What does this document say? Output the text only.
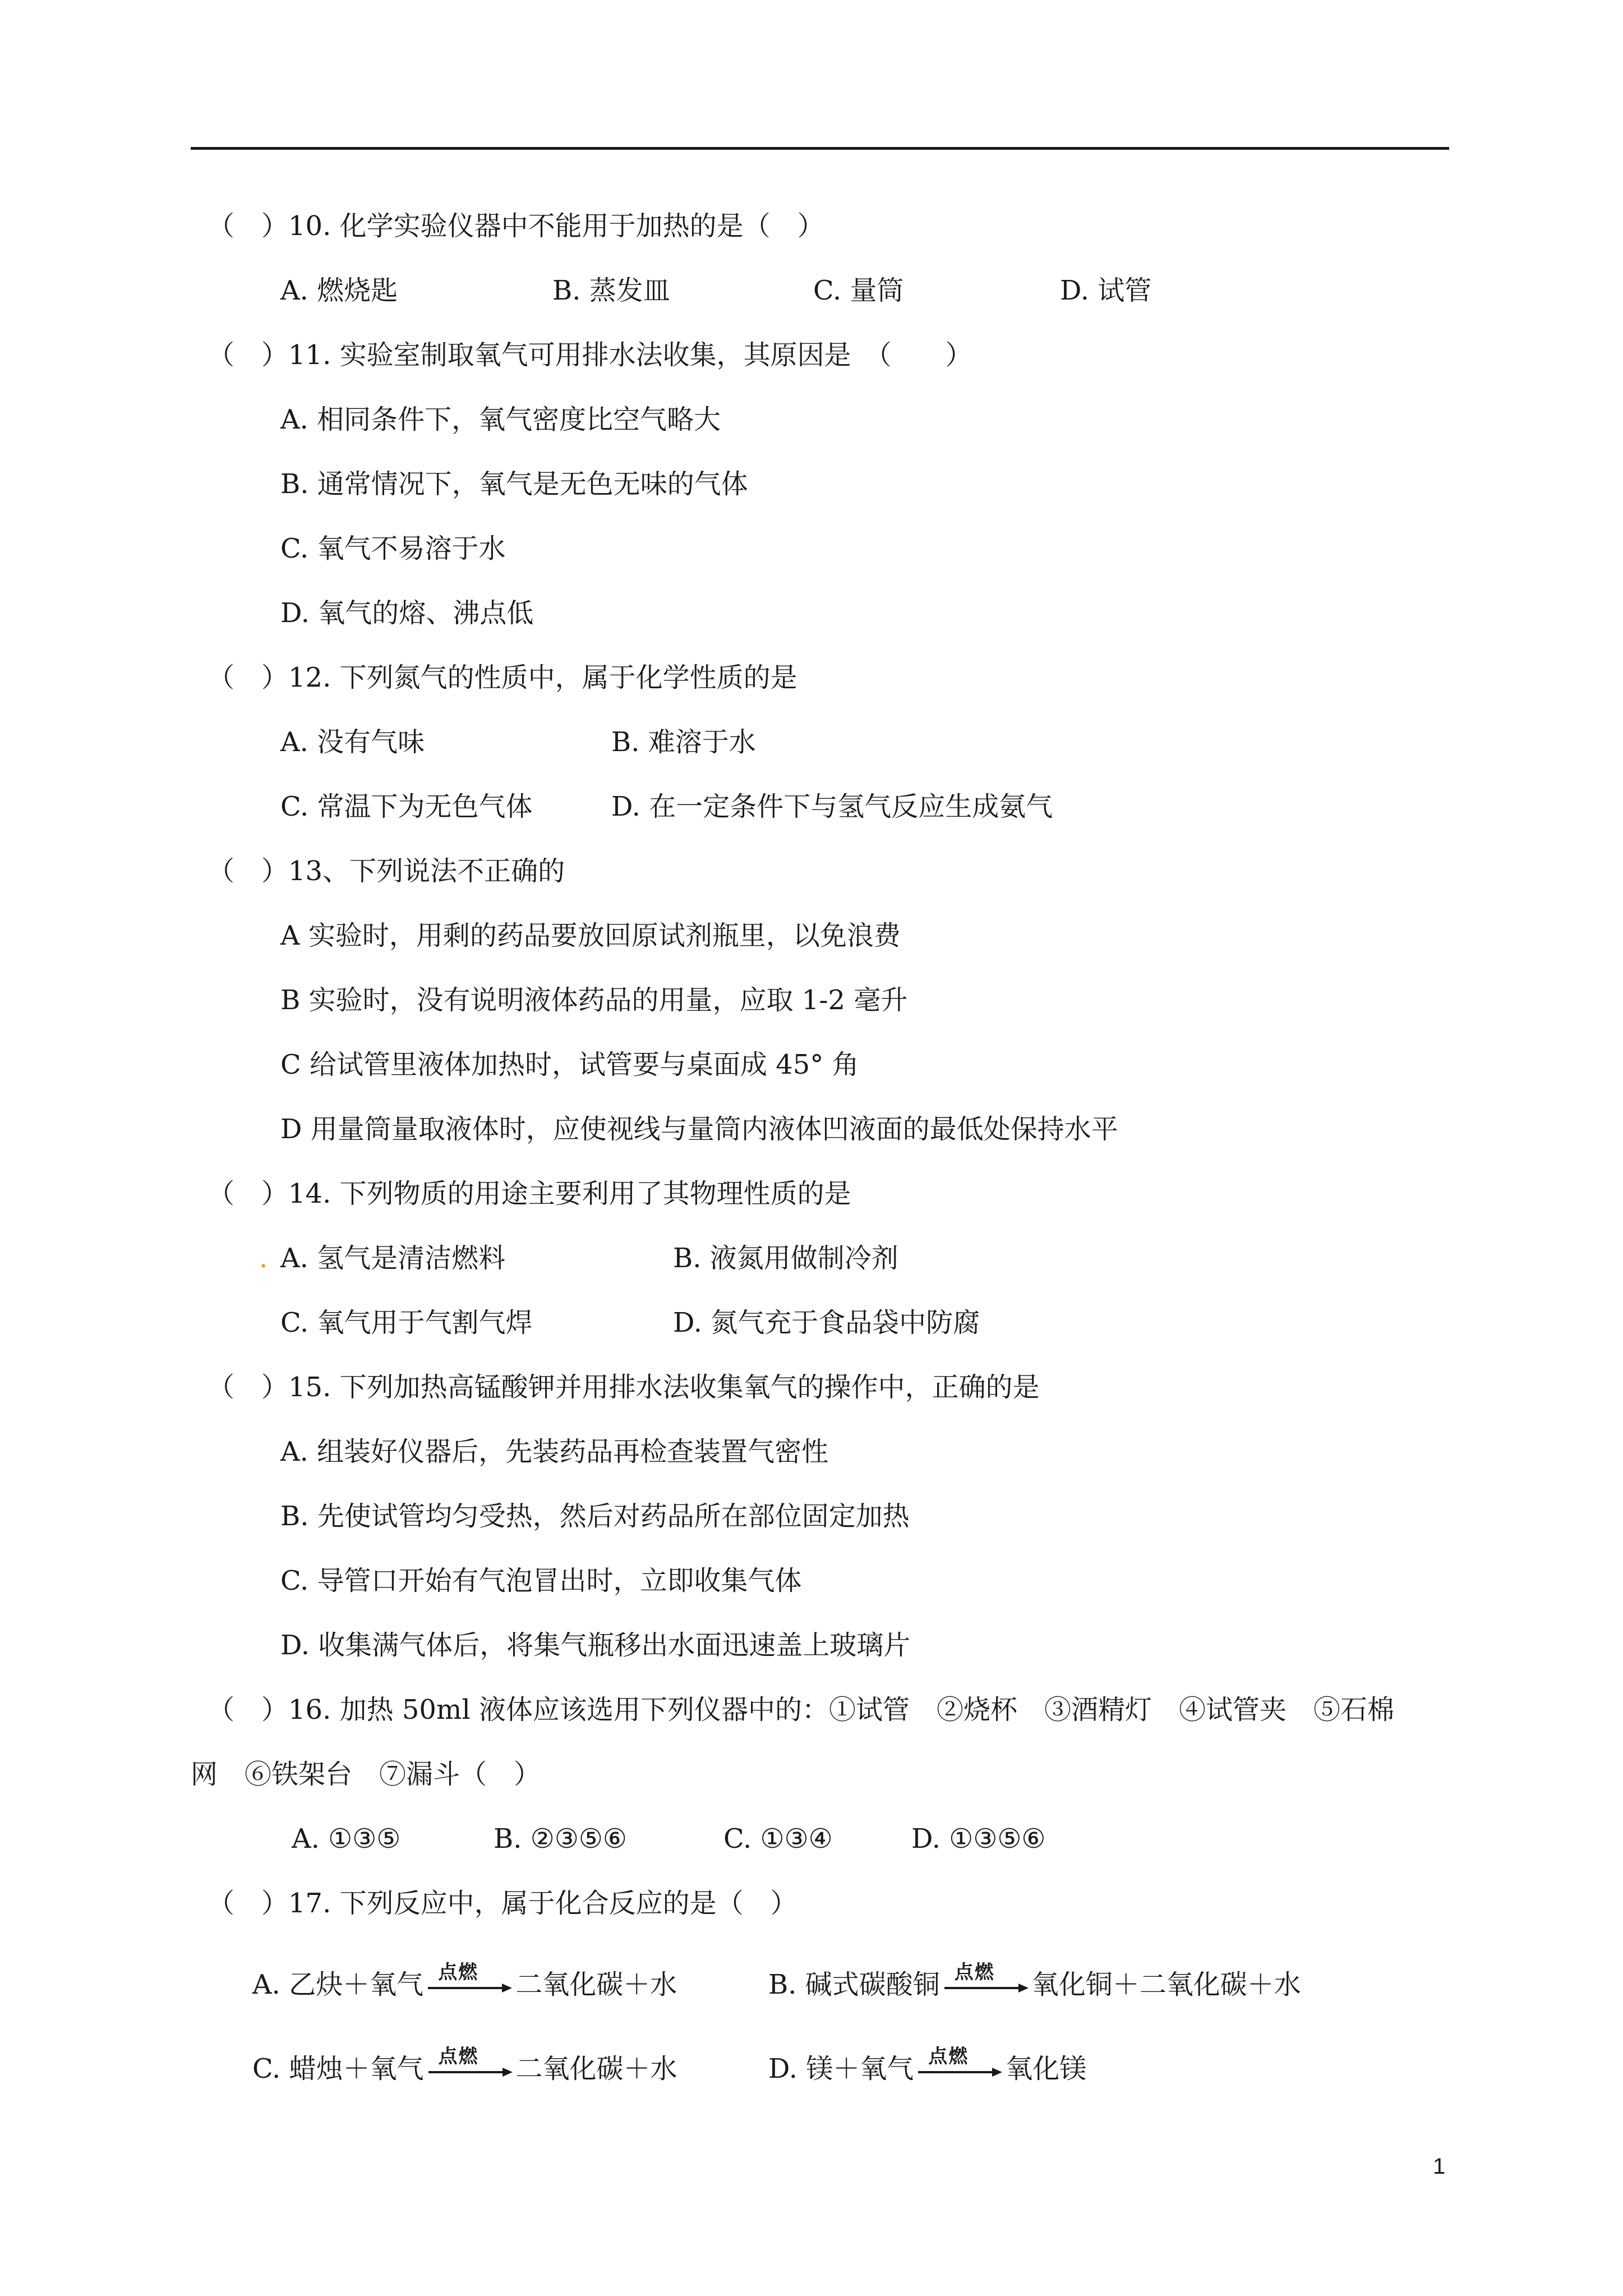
（　）10. 化学实验仪器中不能用于加热的是（　）
A. 燃烧匙	B. 蒸发皿	C. 量筒	D. 试管
（　）11. 实验室制取氧气可用排水法收集，其原因是　（　　）
A. 相同条件下，氧气密度比空气略大
B. 通常情况下，氧气是无色无味的气体
C. 氧气不易溶于水
D. 氧气的熔、沸点低
（　）12. 下列氮气的性质中，属于化学性质的是
A. 没有气味	B. 难溶于水
C. 常温下为无色气体	D. 在一定条件下与氢气反应生成氨气
（　）13、下列说法不正确的
A 实验时，用剩的药品要放回原试剂瓶里，以免浪费
B 实验时，没有说明液体药品的用量，应取 1-2 毫升
C 给试管里液体加热时，试管要与桌面成 45° 角
D 用量筒量取液体时，应使视线与量筒内液体凹液面的最低处保持水平
（　）14. 下列物质的用途主要利用了其物理性质的是
. A. 氢气是清洁燃料	B. 液氮用做制冷剂
C. 氧气用于气割气焊	D. 氮气充于食品袋中防腐
（　）15. 下列加热高锰酸钾并用排水法收集氧气的操作中，正确的是
A. 组装好仪器后，先装药品再检查装置气密性
B. 先使试管均匀受热，然后对药品所在部位固定加热
C. 导管口开始有气泡冒出时，立即收集气体
D. 收集满气体后，将集气瓶移出水面迅速盖上玻璃片
（　）16. 加热 50ml 液体应该选用下列仪器中的：①试管　②烧杯　③酒精灯　④试管夹　⑤石棉
网　⑥铁架台　⑦漏斗（　）
A. ①③⑤	B. ②③⑤⑥	C. ①③④	D. ①③⑤⑥
（　）17. 下列反应中，属于化合反应的是（　）
A. 乙炔＋氧气 点燃 二氧化碳＋水	B. 碱式碳酸铜 点燃 氧化铜＋二氧化碳＋水
C. 蜡烛＋氧气 点燃 二氧化碳＋水	D. 镁＋氧气 点燃 氧化镁
1
